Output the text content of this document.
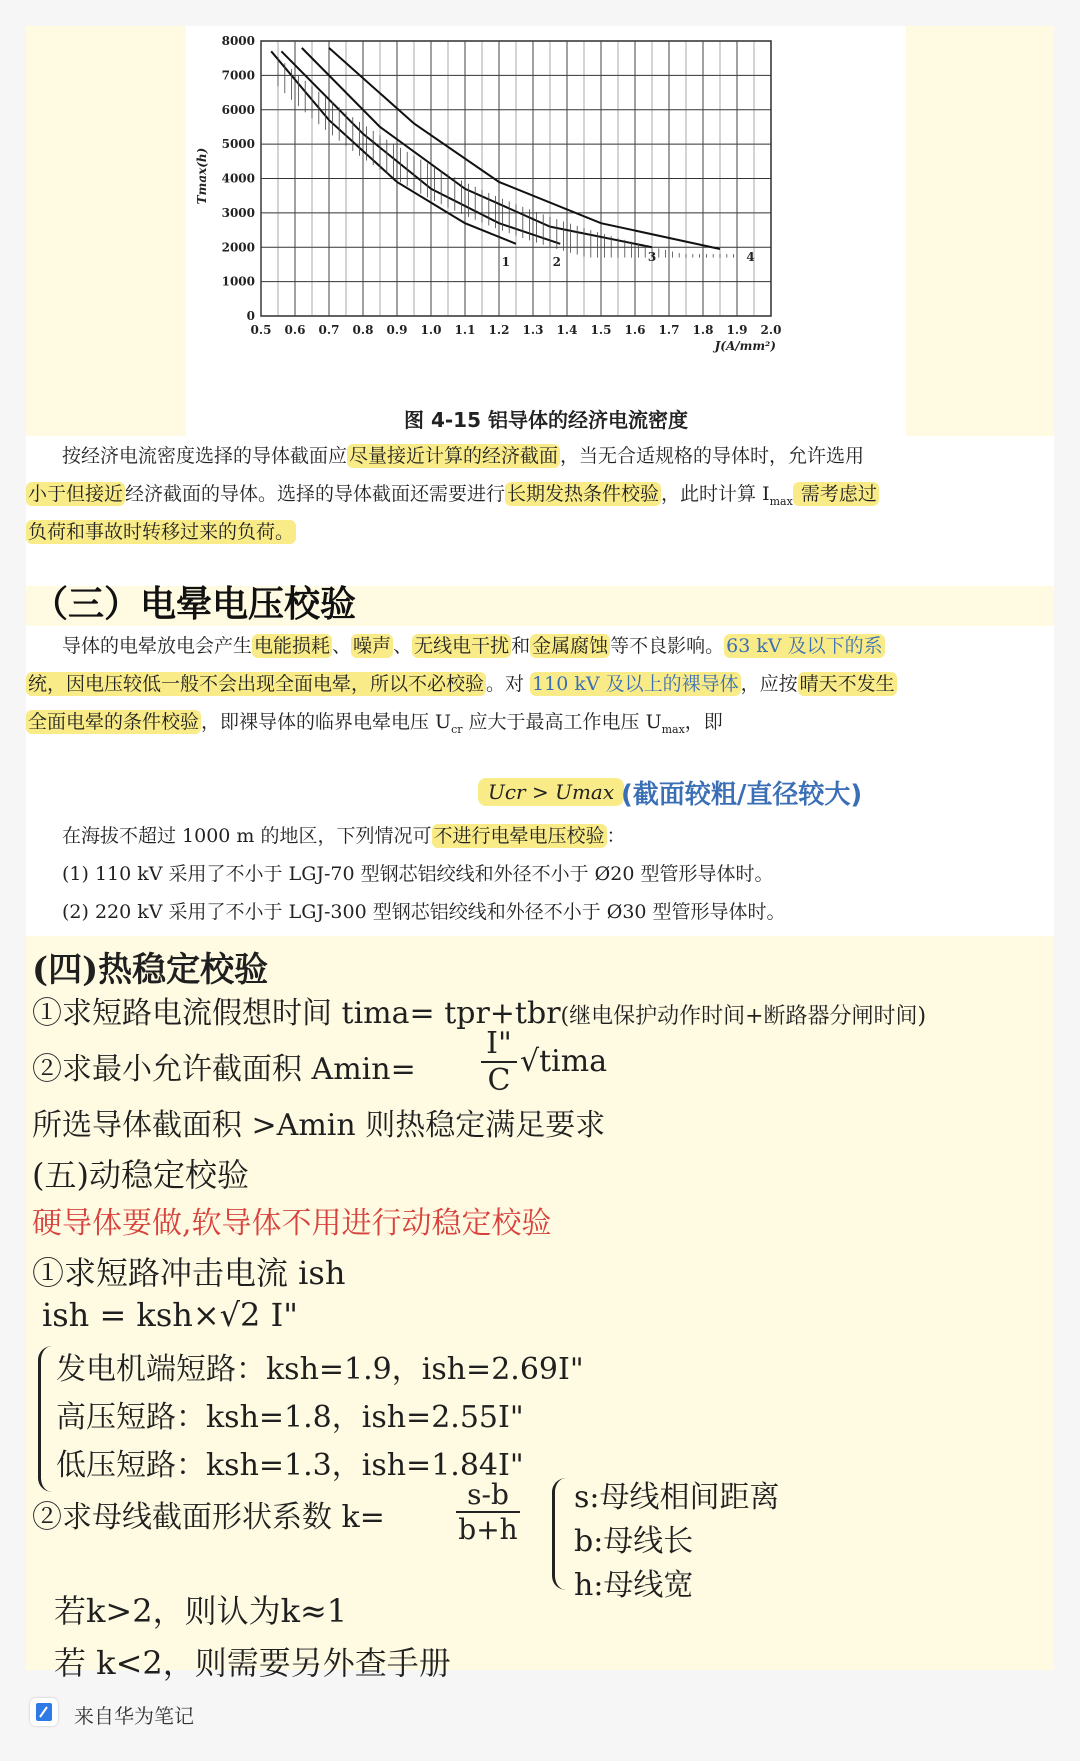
0.5 0.6 0.7 0.8 0.9 1.0 1.1 1.2 1.3 1.4 1.5 1.6 1.7 1.8 1.9 2.0
8000
7000
6000
5000
4000
3000
2000
1000
0
Tmax(h)
J(A/mm²)
1	2	3	4
图 4-15 铝导体的经济电流密度
按经济电流密度选择的导体截面应 尽量接近计算的经济截面 ，当无合适规格的导体时，允许选用
小于但接近 经济截面的导体。选择的导体截面还需要进行 长期发热条件校验 ，此时计算 $I_{max}$ 需考虑过
负荷和事故时转移过来的负荷。
（三）电晕电压校验
导体的电晕放电会产生 电能损耗 、 噪声 、 无线电干扰 和 金属腐蚀 等不良影响。 63 kV 及以下的系
统，因电压较低一般不会出现全面电晕，所以不必校验 。对 110 kV 及以上的裸导体 ，应按 晴天不发生
全面电晕的条件校验 ，即裸导体的临界电晕电压 $U_{cr}$ 应大于最高工作电压 $U_{max}$，即
Ucr > Umax (截面较粗/直径较大)
在海拔不超过 1000 m 的地区，下列情况可 不进行电晕电压校验 ：
(1) 110 kV 采用了不小于 LGJ-70 型钢芯铝绞线和外径不小于 Ø20 型管形导体时。
(2) 220 kV 采用了不小于 LGJ-300 型钢芯铝绞线和外径不小于 Ø30 型管形导体时。
(四)热稳定校验
①求短路电流假想时间 tima= tpr+tbr(继电保护动作时间+断路器分闸时间)
②求最小允许截面积 $Amin= \frac{I"}{C}$ √tima
所选导体截面积 >Amin 则热稳定满足要求
(五)动稳定校验
硬导体要做,软导体不用进行动稳定校验
①求短路冲击电流 ish
ish = ksh×√2 I"
发电机端短路：ksh=1.9，ish=2.69I"
高压短路：ksh=1.8，ish=2.55I"
低压短路：ksh=1.3，ish=1.84I"
②求母线截面形状系数 k=	$\frac{s-b}{b+h} s$:母线相间距离
b:母线长
h:母线宽
若k>2，则认为k≈1
若 k<2，则需要另外查手册
来自华为笔记
